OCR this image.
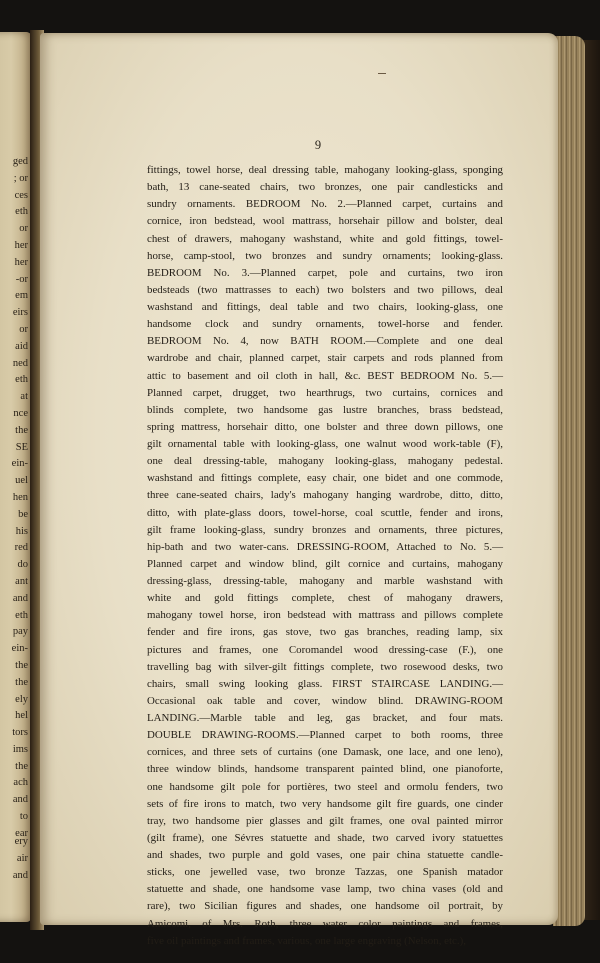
ged
; or
ces
eth
or
her
her
-or
em
eirs
or
aid
ned
eth
at
nce
the
SE
ein-
uel
hen
be
his
red
do
ant
and
eth
pay
ein-
the
the
ely
hel
tors
ims
the
ach
and
to
ear
ery
air
and
9
fittings, towel horse, deal dressing table, mahogany looking-glass, sponging
bath, 13 cane-seated chairs, two bronzes, one pair candlesticks and
sundry ornaments. BEDROOM No. 2.—Planned carpet, curtains and
cornice, iron bedstead, wool mattrass, horsehair pillow and bolster, deal
chest of drawers, mahogany washstand, white and gold fittings, towel-
horse, camp-stool, two bronzes and sundry ornaments; looking-glass.
BEDROOM No. 3.—Planned carpet, pole and curtains, two iron
bedsteads (two mattrasses to each) two bolsters and two pillows, deal
washstand and fittings, deal table and two chairs, looking-glass, one
handsome clock and sundry ornaments, towel-horse and fender.
BEDROOM No. 4, now BATH ROOM.—Complete and one deal
wardrobe and chair, planned carpet, stair carpets and rods planned from
attic to basement and oil cloth in hall, &c. BEST BEDROOM No. 5.—
Planned carpet, drugget, two hearthrugs, two curtains, cornices and
blinds complete, two handsome gas lustre branches, brass bedstead,
spring mattress, horsehair ditto, one bolster and three down pillows, one
gilt ornamental table with looking-glass, one walnut wood work-table (F),
one deal dressing-table, mahogany looking-glass, mahogany pedestal.
washstand and fittings complete, easy chair, one bidet and one commode,
three cane-seated chairs, lady's mahogany hanging wardrobe, ditto, ditto,
ditto, with plate-glass doors, towel-horse, coal scuttle, fender and irons,
gilt frame looking-glass, sundry bronzes and ornaments, three pictures,
hip-bath and two water-cans. DRESSING-ROOM, Attached to No. 5.—
Planned carpet and window blind, gilt cornice and curtains, mahogany
dressing-glass, dressing-table, mahogany and marble washstand with
white and gold fittings complete, chest of mahogany drawers,
mahogany towel horse, iron bedstead with mattrass and pillows complete
fender and fire irons, gas stove, two gas branches, reading lamp, six
pictures and frames, one Coromandel wood dressing-case (F.), one
travelling bag with silver-gilt fittings complete, two rosewood desks, two
chairs, small swing looking glass. FIRST STAIRCASE LANDING.—
Occasional oak table and cover, window blind. DRAWING-ROOM
LANDING.—Marble table and leg, gas bracket, and four mats.
DOUBLE DRAWING-ROOMS.—Planned carpet to both rooms, three
cornices, and three sets of curtains (one Damask, one lace, and one leno),
three window blinds, handsome transparent painted blind, one pianoforte,
one handsome gilt pole for portières, two steel and ormolu fenders, two
sets of fire irons to match, two very handsome gilt fire guards, one cinder
tray, two handsome pier glasses and gilt frames, one oval painted mirror
(gilt frame), one Sévres statuette and shade, two carved ivory statuettes
and shades, two purple and gold vases, one pair china statuette candle-
sticks, one jewelled vase, two bronze Tazzas, one Spanish matador
statuette and shade, one handsome vase lamp, two china vases (old and
rare), two Sicilian figures and shades, one handsome oil portrait, by
Amicomi, of Mrs. Roth, three water color paintings and frames,
five oil paintings and frames, various, one large engraving (Nelson, etc.),
